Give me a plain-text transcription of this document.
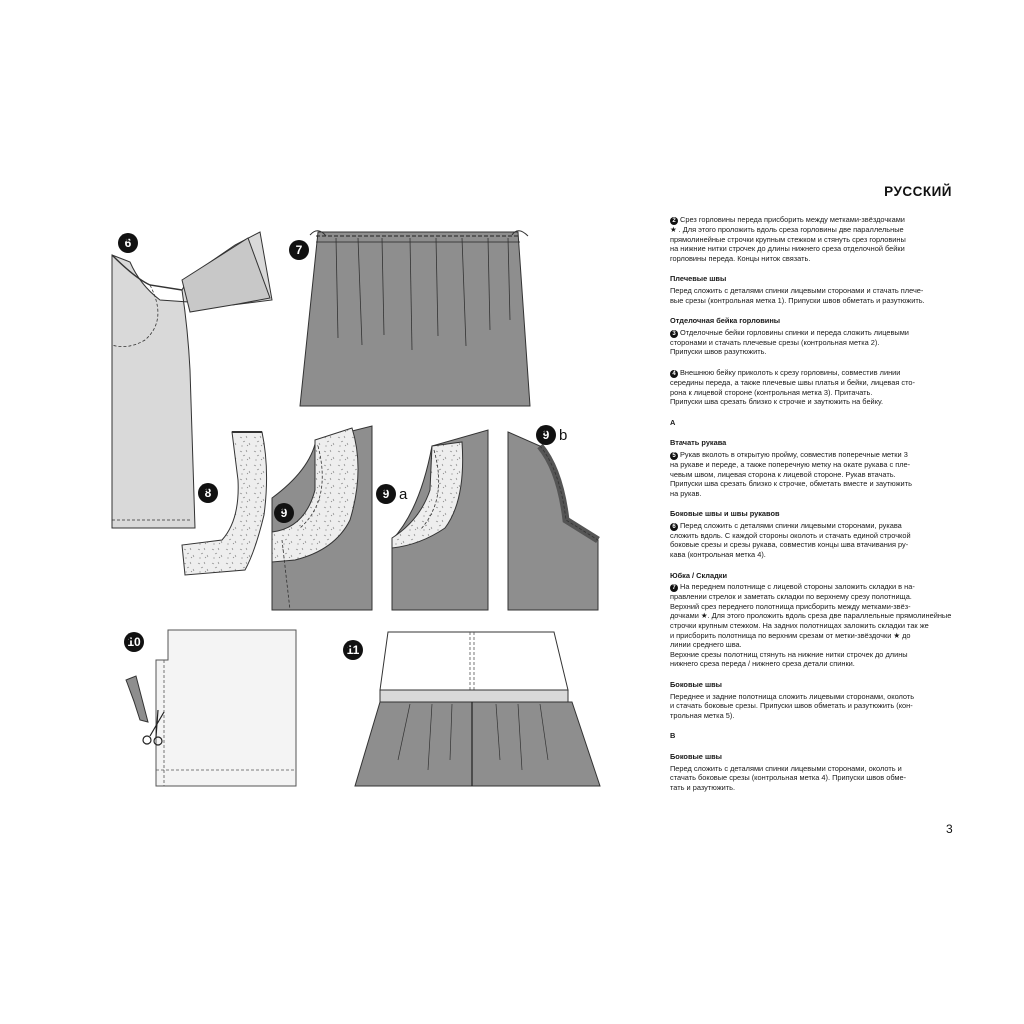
6	7
8
9
9 a
9 b
10
11
РУССКИЙ

2 Срез горловины переда присборить между метками-звёздочками
★ . Для этого проложить вдоль среза горловины две параллельные
прямолинейные строчки крупным стежком и стянуть срез горловины
на нижние нитки строчек до длины нижнего среза отделочной бейки
горловины переда. Концы ниток связать.

Плечевые швы

Перед сложить с деталями спинки лицевыми сторонами и стачать плече-
вые срезы (контрольная метка 1). Припуски швов обметать и разутюжить.

Отделочная бейка горловины

3 Отделочные бейки горловины спинки и переда сложить лицевыми
сторонами и стачать плечевые срезы (контрольная метка 2).
Припуски швов разутюжить.

4 Внешнюю бейку приколоть к срезу горловины, совместив линии
середины переда, а также плечевые швы платья и бейки, лицевая сто-
рона к лицевой стороне (контрольная метка 3). Притачать.
Припуски шва срезать близко к строчке и заутюжить на бейку.

A

Втачать рукава

5 Рукав вколоть в открытую пройму, совместив поперечные метки 3
на рукаве и переде, а также поперечную метку на окате рукава с пле-
чевым швом, лицевая сторона к лицевой стороне. Рукав втачать.
Припуски шва срезать близко к строчке, обметать вместе и заутюжить
на рукав.

Боковые швы и швы рукавов

6 Перед сложить с деталями спинки лицевыми сторонами, рукава
сложить вдоль. С каждой стороны околоть и стачать единой строчкой
боковые срезы и срезы рукава, совместив концы шва втачивания ру-
кава (контрольная метка 4).

Юбка / Складки

7 На переднем полотнище с лицевой стороны заложить складки в на-
правлении стрелок и заметать складки по верхнему срезу полотнища.
Верхний срез переднего полотнища присборить между метками-звёз-
дочками ★. Для этого проложить вдоль среза две параллельные прямолинейные
строчки крупным стежком. На задних полотнищах заложить складки так же
и присборить полотнища по верхним срезам от метки-звёздочки ★ до
линии среднего шва.
Верхние срезы полотнищ стянуть на нижние нитки строчек до длины
нижнего среза переда / нижнего среза детали спинки.

Боковые швы

Переднее и задние полотнища сложить лицевыми сторонами, околоть
и стачать боковые срезы. Припуски швов обметать и разутюжить (кон-
трольная метка 5).

B

Боковые швы

Перед сложить с деталями спинки лицевыми сторонами, околоть и
стачать боковые срезы (контрольная метка 4). Припуски швов обме-
тать и разутюжить.

3
